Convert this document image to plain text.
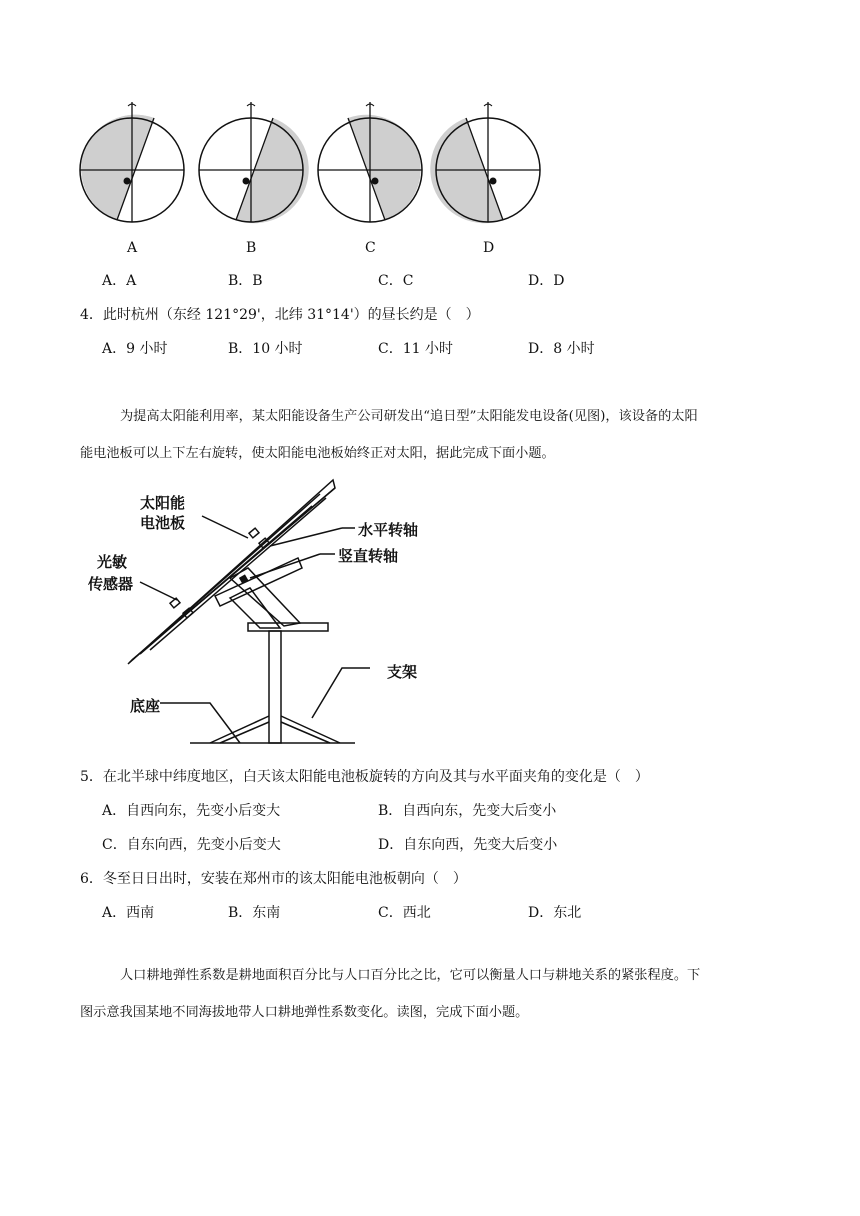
A	B	C	D
A．A	B．B	C．C	D．D
4．此时杭州（东经 121°29'，北纬 31°14'）的昼长约是（　）
A．9 小时	B．10 小时	C．11 小时	D．8 小时
为提高太阳能利用率，某太阳能设备生产公司研发出“追日型”太阳能发电设备(见图)，该设备的太阳
能电池板可以上下左右旋转，使太阳能电池板始终正对太阳，据此完成下面小题。
太阳能
电池板
光敏
传感器
水平转轴
竖直转轴
支架
底座
5．在北半球中纬度地区，白天该太阳能电池板旋转的方向及其与水平面夹角的变化是（　）
A．自西向东，先变小后变大	B．自西向东，先变大后变小
C．自东向西，先变小后变大	D．自东向西，先变大后变小
6．冬至日日出时，安装在郑州市的该太阳能电池板朝向（　）
A．西南	B．东南	C．西北	D．东北
人口耕地弹性系数是耕地面积百分比与人口百分比之比，它可以衡量人口与耕地关系的紧张程度。下
图示意我国某地不同海拔地带人口耕地弹性系数变化。读图，完成下面小题。
